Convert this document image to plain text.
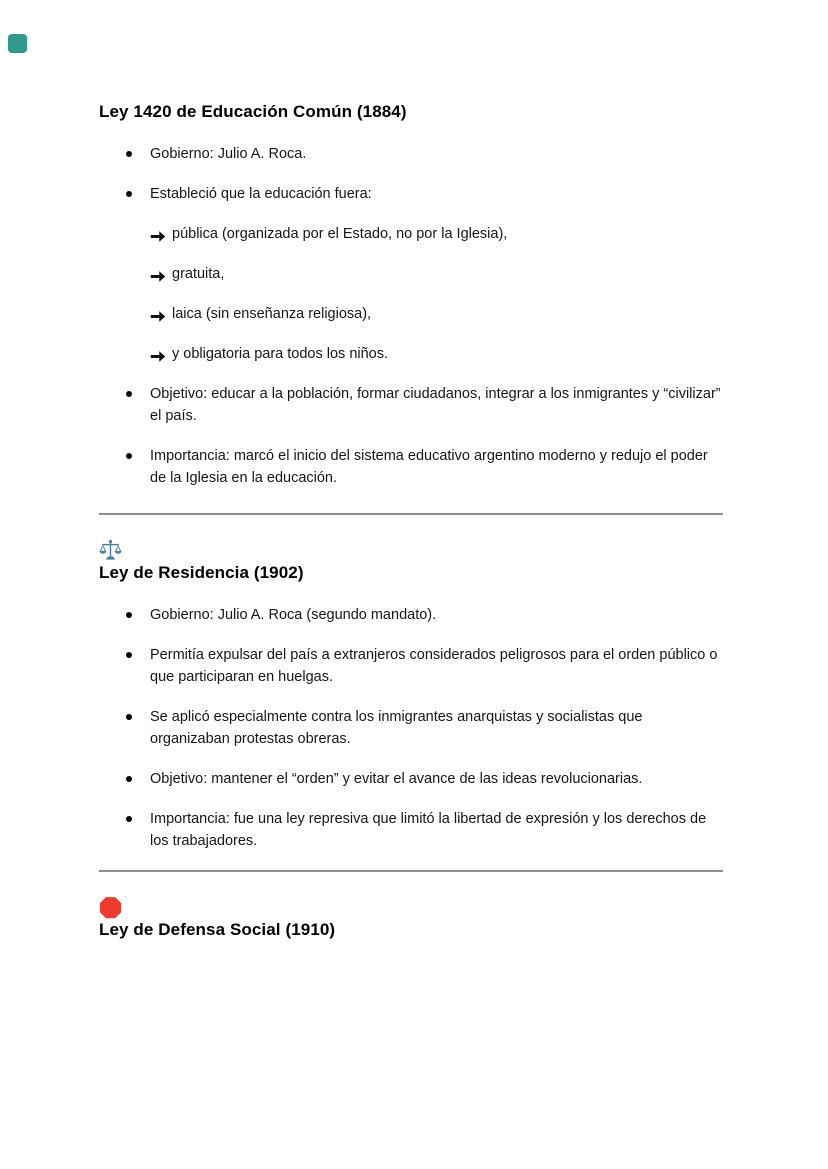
Ley 1420 de Educación Común (1884)
Gobierno: Julio A. Roca.
Estableció que la educación fuera:
pública (organizada por el Estado, no por la Iglesia),
gratuita,
laica (sin enseñanza religiosa),
y obligatoria para todos los niños.
Objetivo: educar a la población, formar ciudadanos, integrar a los inmigrantes y “civilizar” el país.
Importancia: marcó el inicio del sistema educativo argentino moderno y redujo el poder de la Iglesia en la educación.
Ley de Residencia (1902)
Gobierno: Julio A. Roca (segundo mandato).
Permitía expulsar del país a extranjeros considerados peligrosos para el orden público o que participaran en huelgas.
Se aplicó especialmente contra los inmigrantes anarquistas y socialistas que organizaban protestas obreras.
Objetivo: mantener el “orden” y evitar el avance de las ideas revolucionarias.
Importancia: fue una ley represiva que limitó la libertad de expresión y los derechos de los trabajadores.
Ley de Defensa Social (1910)
